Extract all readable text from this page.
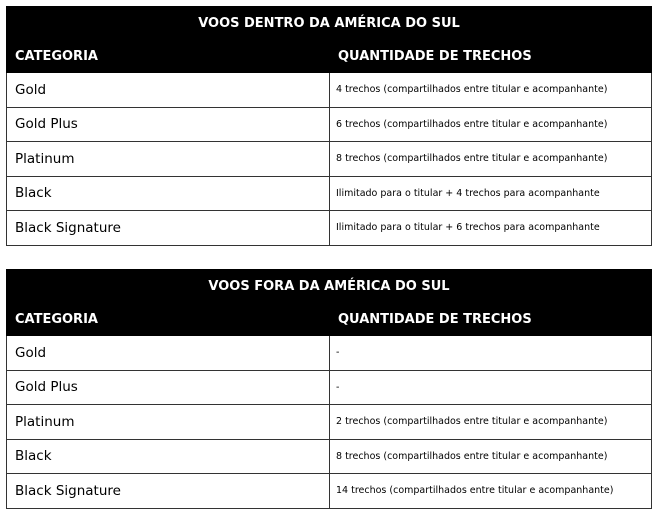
VOOS DENTRO DA AMÉRICA DO SUL	
CATEGORIA	QUANTIDADE DE TRECHOS
Gold	4 trechos (compartilhados entre titular e acompanhante)
Gold Plus	6 trechos (compartilhados entre titular e acompanhante)
Platinum	8 trechos (compartilhados entre titular e acompanhante)
Black	Ilimitado para o titular + 4 trechos para acompanhante
Black Signature	Ilimitado para o titular + 6 trechos para acompanhante
VOOS FORA DA AMÉRICA DO SUL	
CATEGORIA	QUANTIDADE DE TRECHOS
Gold	-
Gold Plus	-
Platinum	2 trechos (compartilhados entre titular e acompanhante)
Black	8 trechos (compartilhados entre titular e acompanhante)
Black Signature	14 trechos (compartilhados entre titular e acompanhante)
